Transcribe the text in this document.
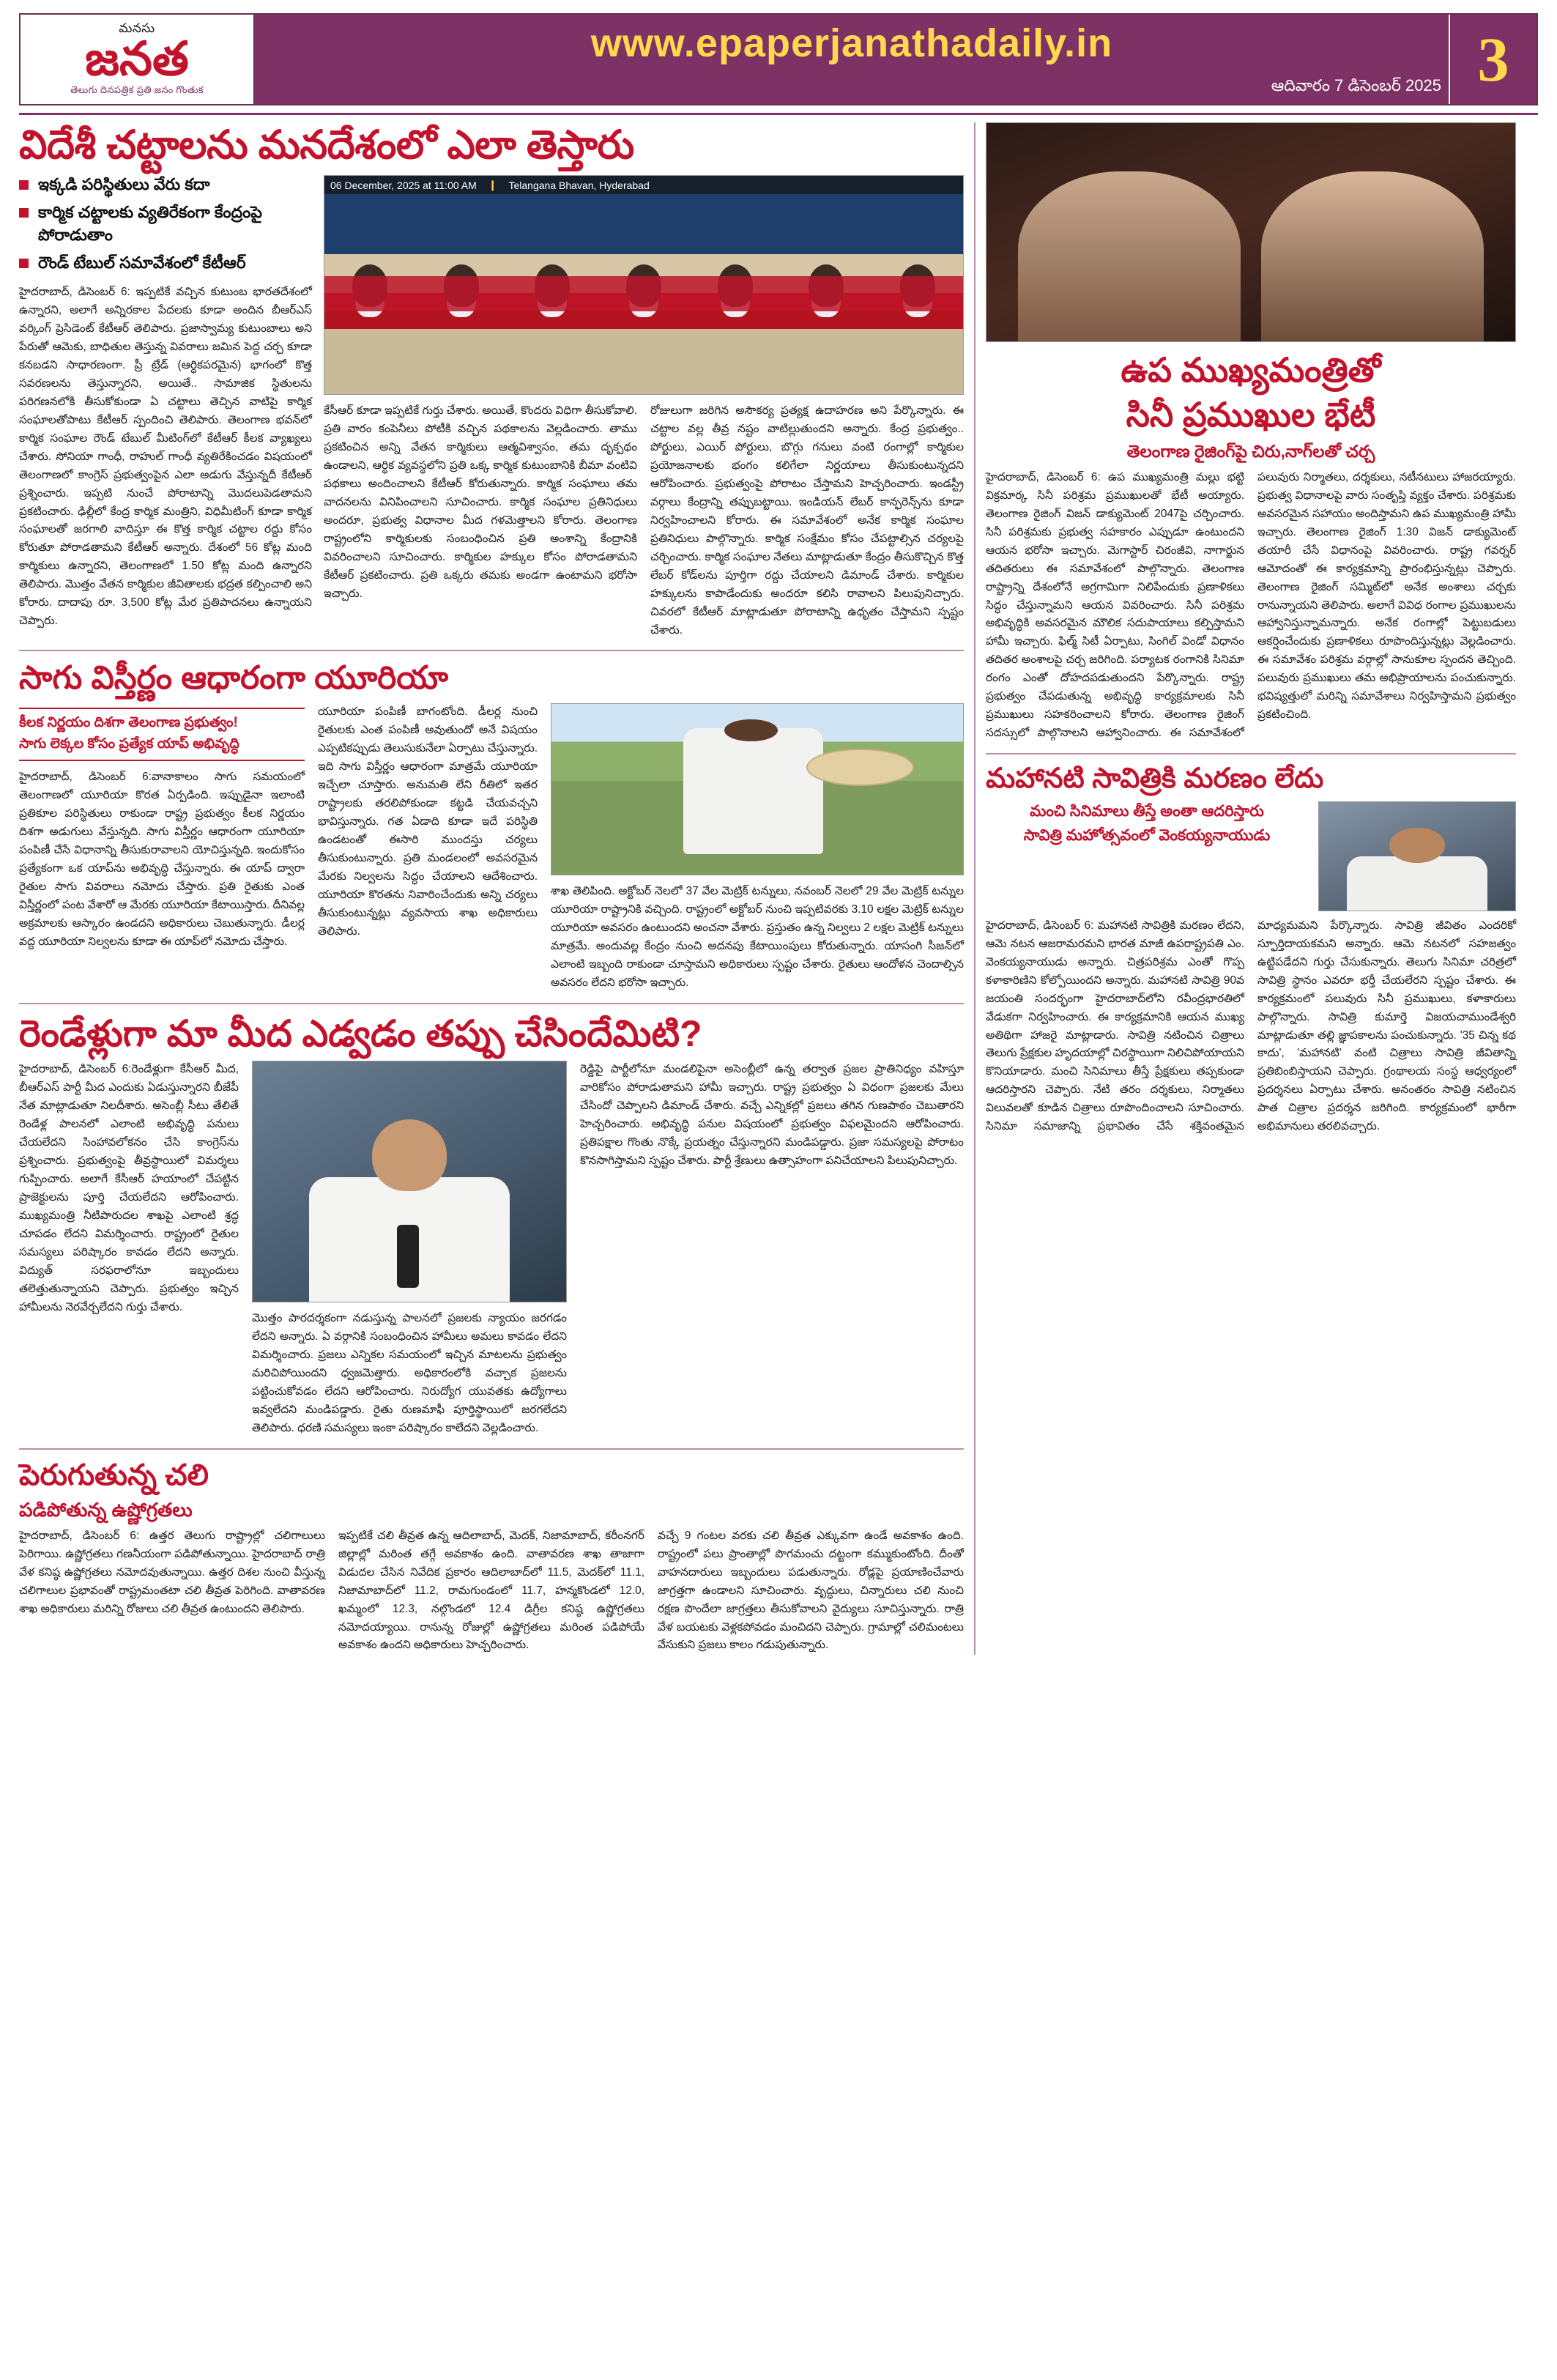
మనసు
జనత
తెలుగు దినపత్రిక ప్రతి జనం గొంతుక
www.epaperjanathadaily.in
ఆదివారం 7 డిసెంబర్ 2025 3
విదేశీ చట్టాలను మనదేశంలో ఎలా తెస్తారు
ఇక్కడి పరిస్థితులు వేరు కదా
కార్మిక చట్టాలకు వ్యతిరేకంగా కేంద్రంపై పోరాడుతాం
రౌండ్‌ టేబుల్‌ సమావేశంలో కేటీఆర్‌

హైదరాబాద్, డిసెంబర్ 6: ఇప్పటికే వచ్చిన కుటుంబ భారతదేశంలో ఉన్నారని, అలాగే అన్నిరకాల పేదలకు కూడా అందిన బీఆర్‌ఎస్‌ వర్కింగ్‌ ప్రెసిడెంట్‌ కేటీఆర్‌ తెలిపారు. ప్రజాస్వామ్య కుటుంబాలు అని పేరుతో ఆమెకు, బాధితుల తెస్తున్న వివరాలు జమిన పెద్ద చర్చ కూడా కనబడని సాధారణంగా. ప్రీ ట్రేడ్ (ఆర్ధికపరమైన) భాగంలో కొత్త సవరణలను తెస్తున్నారని, అయితే.. సామాజిక స్థితులను పరిగణనలోకి తీసుకోకుండా ఏ చట్టాలు తెచ్చిన వాటిపై కార్మిక సంఘాలతోపాటు కేటీఆర్‌ స్పందించి తెలిపారు. తెలంగాణ భవన్‌లో కార్మిక సంఘాల రౌండ్‌ టేబుల్‌ మీటింగ్‌లో కేటీఆర్‌ కీలక వ్యాఖ్యలు చేశారు. సోనియా గాంధీ, రాహుల్‌ గాంధీ వ్యతిరేకించడం విషయంలో తెలంగాణలో కాంగ్రెస్‌ ప్రభుత్వంపైన ఎలా అడుగు వేస్తున్నదీ కేటీఆర్‌ ప్రశ్నించారు. ఇప్పటి నుంచే పోరాటాన్ని మొదలుపెడతామని ప్రకటించారు. ఢిల్లీలో కేంద్ర కార్మిక మంత్రిని, విధిమీటింగ్‌ కూడా కార్మిక సంఘాలతో జరగాలి వాదిస్తూ ఈ కొత్త కార్మిక చట్టాల రద్దు కోసం కోరుతూ పోరాడతామని కేటీఆర్‌ అన్నారు. దేశంలో 56 కోట్ల మంది కార్మికులు ఉన్నారని, తెలంగాణలో 1.50 కోట్ల మంది ఉన్నారని తెలిపారు. మొత్తం వేతన కార్మికుల జీవితాలకు భద్రత కల్పించాలి అని కోరారు. దాదాపు రూ. 3,500 కోట్ల మేర ప్రతిపాదనలు ఉన్నాయని చెప్పారు.

06 December, 2025 at 11:00 AM ❙ Telangana Bhavan, Hyderabad

కేసీఆర్‌ కూడా ఇప్పటికే గుర్తు చేశారు. అయితే, కొందరు విధిగా తీసుకోవాలి. ప్రతి వారం కంపెనీలు పోటీకి వచ్చిన పథకాలను వెల్లడించారు. తాము ప్రకటించిన అన్ని వేతన కార్మికులు ఆత్మవిశ్వాసం, తమ దృక్పథం ఉండాలని, ఆర్థిక వ్యవస్థలోని ప్రతి ఒక్క కార్మిక కుటుంబానికి బీమా వంటివి పథకాలు అందించాలని కేటీఆర్‌ కోరుతున్నారు. కార్మిక సంఘాలు తమ వాదనలను వినిపించాలని సూచించారు. కార్మిక సంఘాల ప్రతినిధులు అందరూ, ప్రభుత్వ విధానాల మీద గళమెత్తాలని కోరారు. తెలంగాణ రాష్ట్రంలోని కార్మికులకు సంబంధించిన ప్రతి అంశాన్ని కేంద్రానికి వివరించాలని సూచించారు. కార్మికుల హక్కుల కోసం పోరాడతామని కేటీఆర్‌ ప్రకటించారు. ప్రతి ఒక్కరు తమకు అండగా ఉంటామని భరోసా ఇచ్చారు.

రోజులుగా జరిగిన అసౌకర్య ప్రత్యక్ష ఉదాహరణ అని పేర్కొన్నారు. ఈ చట్టాల వల్ల తీవ్ర నష్టం వాటిల్లుతుందని అన్నారు. కేంద్ర ప్రభుత్వం.. పోర్టులు, ఎయిర్‌ పోర్టులు, బొగ్గు గనులు వంటి రంగాల్లో కార్మికుల ప్రయోజనాలకు భంగం కలిగేలా నిర్ణయాలు తీసుకుంటున్నదని ఆరోపించారు. ప్రభుత్వంపై పోరాటం చేస్తామని హెచ్చరించారు. ఇండస్ట్రీ వర్గాలు కేంద్రాన్ని తప్పుబట్టాయి. ఇండియన్‌ లేబర్‌ కాన్ఫరెన్స్‌ను కూడా నిర్వహించాలని కోరారు. ఈ సమావేశంలో అనేక కార్మిక సంఘాల ప్రతినిధులు పాల్గొన్నారు. కార్మిక సంక్షేమం కోసం చేపట్టాల్సిన చర్యలపై చర్చించారు. కార్మిక సంఘాల నేతలు మాట్లాడుతూ కేంద్రం తీసుకొచ్చిన కొత్త లేబర్‌ కోడ్‌లను పూర్తిగా రద్దు చేయాలని డిమాండ్‌ చేశారు. కార్మికుల హక్కులను కాపాడేందుకు అందరూ కలిసి రావాలని పిలుపునిచ్చారు. చివరలో కేటీఆర్‌ మాట్లాడుతూ పోరాటాన్ని ఉధృతం చేస్తామని స్పష్టం చేశారు.

సాగు విస్తీర్ణం ఆధారంగా యూరియా

కీలక నిర్ణయం దిశగా తెలంగాణ ప్రభుత్వం!

సాగు లెక్కల కోసం ప్రత్యేక యాప్‌ అభివృద్ధి

హైదరాబాద్, డిసెంబర్ 6:వానాకాలం సాగు సమయంలో తెలంగాణలో యూరియా కొరత ఏర్పడింది. ఇప్పుడైనా ఇలాంటి ప్రతికూల పరిస్థితులు రాకుండా రాష్ట్ర ప్రభుత్వం కీలక నిర్ణయం దిశగా అడుగులు వేస్తున్నది. సాగు విస్తీర్ణం ఆధారంగా యూరియా పంపిణీ చేసే విధానాన్ని తీసుకురావాలని యోచిస్తున్నది. ఇందుకోసం ప్రత్యేకంగా ఒక యాప్‌ను అభివృద్ధి చేస్తున్నారు. ఈ యాప్‌ ద్వారా రైతుల సాగు వివరాలు నమోదు చేస్తారు. ప్రతి రైతుకు ఎంత విస్తీర్ణంలో పంట వేశారో ఆ మేరకు యూరియా కేటాయిస్తారు. దీనివల్ల అక్రమాలకు ఆస్కారం ఉండదని అధికారులు చెబుతున్నారు. డీలర్ల వద్ద యూరియా నిల్వలను కూడా ఈ యాప్‌లో నమోదు చేస్తారు.

యూరియా పంపిణీ బాగంటోంది. డీలర్ల నుంచి రైతులకు ఎంత పంపిణీ అవుతుందో అనే విషయం ఎప్పటికప్పుడు తెలుసుకునేలా ఏర్పాటు చేస్తున్నారు. ఇది సాగు విస్తీర్ణం ఆధారంగా మాత్రమే యూరియా ఇచ్చేలా చూస్తారు. అనుమతి లేని రీతిలో ఇతర రాష్ట్రాలకు తరలిపోకుండా కట్టడి చేయవచ్చని భావిస్తున్నారు. గత ఏడాది కూడా ఇదే పరిస్థితి ఉండటంతో ఈసారి ముందస్తు చర్యలు తీసుకుంటున్నారు. ప్రతి మండలంలో అవసరమైన మేరకు నిల్వలను సిద్ధం చేయాలని ఆదేశించారు. యూరియా కొరతను నివారించేందుకు అన్ని చర్యలు తీసుకుంటున్నట్లు వ్యవసాయ శాఖ అధికారులు తెలిపారు.

శాఖ తెలిపింది. అక్టోబర్‌ నెలలో 37 వేల మెట్రిక్‌ టన్నులు, నవంబర్‌ నెలలో 29 వేల మెట్రిక్‌ టన్నుల యూరియా రాష్ట్రానికి వచ్చింది. రాష్ట్రంలో అక్టోబర్‌ నుంచి ఇప్పటివరకు 3.10 లక్షల మెట్రిక్‌ టన్నుల యూరియా అవసరం ఉంటుందని అంచనా వేశారు. ప్రస్తుతం ఉన్న నిల్వలు 2 లక్షల మెట్రిక్‌ టన్నులు మాత్రమే. అందువల్ల కేంద్రం నుంచి అదనపు కేటాయింపులు కోరుతున్నారు. యాసంగి సీజన్‌లో ఎలాంటి ఇబ్బంది రాకుండా చూస్తామని అధికారులు స్పష్టం చేశారు. రైతులు ఆందోళన చెందాల్సిన అవసరం లేదని భరోసా ఇచ్చారు.

రెండేళ్లుగా మా మీద ఎడ్వడం తప్పు చేసిందేమిటి?

హైదరాబాద్, డిసెంబర్ 6:రెండేళ్లుగా కేసీఆర్‌ మీద, బీఆర్‌ఎస్‌ పార్టీ మీద ఎందుకు ఏడుస్తున్నారని బీజేపీ నేత మాట్లాడుతూ నిలదీశారు. అసెంబ్లీ సీటు తేలితే రెండేళ్ల పాలనలో ఎలాంటి అభివృద్ధి పనులు చేయలేదని సింహావలోకనం చేసి కాంగ్రెస్‌ను ప్రశ్నించారు. ప్రభుత్వంపై తీవ్రస్థాయిలో విమర్శలు గుప్పించారు. అలాగే కేసీఆర్‌ హయాంలో చేపట్టిన ప్రాజెక్టులను పూర్తి చేయలేదని ఆరోపించారు. ముఖ్యమంత్రి నీటిపారుదల శాఖపై ఎలాంటి శ్రద్ధ చూపడం లేదని విమర్శించారు. రాష్ట్రంలో రైతుల సమస్యలు పరిష్కారం కావడం లేదని అన్నారు. విద్యుత్‌ సరఫరాలోనూ ఇబ్బందులు తలెత్తుతున్నాయని చెప్పారు. ప్రభుత్వం ఇచ్చిన హామీలను నెరవేర్చలేదని గుర్తు చేశారు.

మొత్తం పారదర్శకంగా నడుస్తున్న పాలనలో ప్రజలకు న్యాయం జరగడం లేదని అన్నారు. ఏ వర్గానికి సంబంధించిన హామీలు అమలు కావడం లేదని విమర్శించారు. ప్రజలు ఎన్నికల సమయంలో ఇచ్చిన మాటలను ప్రభుత్వం మరిచిపోయిందని ధ్వజమెత్తారు. అధికారంలోకి వచ్చాక ప్రజలను పట్టించుకోవడం లేదని ఆరోపించారు. నిరుద్యోగ యువతకు ఉద్యోగాలు ఇవ్వలేదని మండిపడ్డారు. రైతు రుణమాఫీ పూర్తిస్థాయిలో జరగలేదని తెలిపారు. ధరణి సమస్యలు ఇంకా పరిష్కారం కాలేదని వెల్లడించారు.

రెడ్డిపై పార్టీలోనూ మండలిపైనా అసెంబ్లీలో ఉన్న తర్వాత ప్రజల ప్రాతినిధ్యం వహిస్తూ వారికోసం పోరాడుతామని హామీ ఇచ్చారు. రాష్ట్ర ప్రభుత్వం ఏ విధంగా ప్రజలకు మేలు చేసిందో చెప్పాలని డిమాండ్‌ చేశారు. వచ్చే ఎన్నికల్లో ప్రజలు తగిన గుణపాఠం చెబుతారని హెచ్చరించారు. అభివృద్ధి పనుల విషయంలో ప్రభుత్వం విఫలమైందని ఆరోపించారు. ప్రతిపక్షాల గొంతు నొక్కే ప్రయత్నం చేస్తున్నారని మండిపడ్డారు. ప్రజా సమస్యలపై పోరాటం కొనసాగిస్తామని స్పష్టం చేశారు. పార్టీ శ్రేణులు ఉత్సాహంగా పనిచేయాలని పిలుపునిచ్చారు.

పెరుగుతున్న చలి
పడిపోతున్న ఉష్ణోగ్రతలు

హైదరాబాద్, డిసెంబర్ 6: ఉత్తర తెలుగు రాష్ట్రాల్లో చలిగాలులు పెరిగాయి. ఉష్ణోగ్రతలు గణనీయంగా పడిపోతున్నాయి. హైదరాబాద్‌ రాత్రి వేళ కనిష్ఠ ఉష్ణోగ్రతలు నమోదవుతున్నాయి. ఉత్తర దిశల నుంచి వీస్తున్న చలిగాలుల ప్రభావంతో రాష్ట్రమంతటా చలి తీవ్రత పెరిగింది. వాతావరణ శాఖ అధికారులు మరిన్ని రోజులు చలి తీవ్రత ఉంటుందని తెలిపారు.

ఇప్పటికే చలి తీవ్రత ఉన్న ఆదిలాబాద్, మెదక్, నిజామాబాద్, కరీంనగర్‌ జిల్లాల్లో మరింత తగ్గే అవకాశం ఉంది. వాతావరణ శాఖ తాజాగా విడుదల చేసిన నివేదిక ప్రకారం ఆదిలాబాద్‌లో 11.5, మెదక్‌లో 11.1, నిజామాబాద్‌లో 11.2, రామగుండంలో 11.7, హన్మకొండలో 12.0, ఖమ్మంలో 12.3, నల్గొండలో 12.4 డిగ్రీల కనిష్ఠ ఉష్ణోగ్రతలు నమోదయ్యాయి. రానున్న రోజుల్లో ఉష్ణోగ్రతలు మరింత పడిపోయే అవకాశం ఉందని అధికారులు హెచ్చరించారు.

వచ్చే 9 గంటల వరకు చలి తీవ్రత ఎక్కువగా ఉండే అవకాశం ఉంది. రాష్ట్రంలో పలు ప్రాంతాల్లో పొగమంచు దట్టంగా కమ్ముకుంటోంది. దీంతో వాహనదారులు ఇబ్బందులు పడుతున్నారు. రోడ్లపై ప్రయాణించేవారు జాగ్రత్తగా ఉండాలని సూచించారు. వృద్ధులు, చిన్నారులు చలి నుంచి రక్షణ పొందేలా జాగ్రత్తలు తీసుకోవాలని వైద్యులు సూచిస్తున్నారు. రాత్రి వేళ బయటకు వెళ్లకపోవడం మంచిదని చెప్పారు. గ్రామాల్లో చలిమంటలు వేసుకుని ప్రజలు కాలం గడుపుతున్నారు.

ఉప ముఖ్యమంత్రితో
సినీ ప్రముఖుల భేటీ
తెలంగాణ రైజింగ్‌పై చిరు,నాగ్‌లతో చర్చ

హైదరాబాద్, డిసెంబర్ 6: ఉప ముఖ్యమంత్రి మల్లు భట్టి విక్రమార్క సినీ పరిశ్రమ ప్రముఖులతో భేటీ అయ్యారు. తెలంగాణ రైజింగ్‌ విజన్‌ డాక్యుమెంట్‌ 2047పై చర్చించారు. సినీ పరిశ్రమకు ప్రభుత్వ సహకారం ఎప్పుడూ ఉంటుందని ఆయన భరోసా ఇచ్చారు. మెగాస్టార్‌ చిరంజీవి, నాగార్జున తదితరులు ఈ సమావేశంలో పాల్గొన్నారు. తెలంగాణ రాష్ట్రాన్ని దేశంలోనే అగ్రగామిగా నిలిపేందుకు ప్రణాళికలు సిద్ధం చేస్తున్నామని ఆయన వివరించారు. సినీ పరిశ్రమ అభివృద్ధికి అవసరమైన మౌలిక సదుపాయాలు కల్పిస్తామని హామీ ఇచ్చారు. ఫిల్మ్‌ సిటీ ఏర్పాటు, సింగిల్‌ విండో విధానం తదితర అంశాలపై చర్చ జరిగింది. పర్యాటక రంగానికి సినిమా రంగం ఎంతో దోహదపడుతుందని పేర్కొన్నారు. రాష్ట్ర ప్రభుత్వం చేపడుతున్న అభివృద్ధి కార్యక్రమాలకు సినీ ప్రముఖులు సహకరించాలని కోరారు. తెలంగాణ రైజింగ్‌ సదస్సులో పాల్గొనాలని ఆహ్వానించారు. ఈ సమావేశంలో పలువురు నిర్మాతలు, దర్శకులు, నటీనటులు హాజరయ్యారు. ప్రభుత్వ విధానాలపై వారు సంతృప్తి వ్యక్తం చేశారు. పరిశ్రమకు అవసరమైన సహాయం అందిస్తామని ఉప ముఖ్యమంత్రి హామీ ఇచ్చారు. తెలంగాణ రైజింగ్‌ 1:30 విజన్‌ డాక్యుమెంట్‌ తయారీ చేసే విధానంపై వివరించారు. రాష్ట్ర గవర్నర్‌ ఆమోదంతో ఈ కార్యక్రమాన్ని ప్రారంభిస్తున్నట్లు చెప్పారు. తెలంగాణ రైజింగ్‌ సమ్మిట్‌లో అనేక అంశాలు చర్చకు రానున్నాయని తెలిపారు. అలాగే వివిధ రంగాల ప్రముఖులను ఆహ్వానిస్తున్నామన్నారు. అనేక రంగాల్లో పెట్టుబడులు ఆకర్షించేందుకు ప్రణాళికలు రూపొందిస్తున్నట్లు వెల్లడించారు. ఈ సమావేశం పరిశ్రమ వర్గాల్లో సానుకూల స్పందన తెచ్చింది. పలువురు ప్రముఖులు తమ అభిప్రాయాలను పంచుకున్నారు. భవిష్యత్తులో మరిన్ని సమావేశాలు నిర్వహిస్తామని ప్రభుత్వం ప్రకటించింది.

మహానటి సావిత్రికి మరణం లేదు
మంచి సినిమాలు తీస్తే అంతా ఆదరిస్తారు
సావిత్రి మహోత్సవంలో వెంకయ్యనాయుడు

హైదరాబాద్, డిసెంబర్ 6: మహానటి సావిత్రికి మరణం లేదని, ఆమె నటన ఆజరామరమని భారత మాజీ ఉపరాష్ట్రపతి ఎం. వెంకయ్యనాయుడు అన్నారు. చిత్రపరిశ్రమ ఎంతో గొప్ప కళాకారిణిని కోల్పోయిందని అన్నారు. మహానటి సావిత్రి 90వ జయంతి సందర్భంగా హైదరాబాద్‌లోని రవీంద్రభారతిలో వేడుకగా నిర్వహించారు. ఈ కార్యక్రమానికి ఆయన ముఖ్య అతిథిగా హాజరై మాట్లాడారు. సావిత్రి నటించిన చిత్రాలు తెలుగు ప్రేక్షకుల హృదయాల్లో చిరస్థాయిగా నిలిచిపోయాయని కొనియాడారు. మంచి సినిమాలు తీస్తే ప్రేక్షకులు తప్పకుండా ఆదరిస్తారని చెప్పారు. నేటి తరం దర్శకులు, నిర్మాతలు విలువలతో కూడిన చిత్రాలు రూపొందించాలని సూచించారు. సినిమా సమాజాన్ని ప్రభావితం చేసే శక్తివంతమైన మాధ్యమమని పేర్కొన్నారు. సావిత్రి జీవితం ఎందరికో స్ఫూర్తిదాయకమని అన్నారు. ఆమె నటనలో సహజత్వం ఉట్టిపడేదని గుర్తు చేసుకున్నారు. తెలుగు సినిమా చరిత్రలో సావిత్రి స్థానం ఎవరూ భర్తీ చేయలేరని స్పష్టం చేశారు. ఈ కార్యక్రమంలో పలువురు సినీ ప్రముఖులు, కళాకారులు పాల్గొన్నారు. సావిత్రి కుమార్తె విజయచాముండేశ్వరి మాట్లాడుతూ తల్లి జ్ఞాపకాలను పంచుకున్నారు. '35 చిన్న కథ కాదు', 'మహానటి' వంటి చిత్రాలు సావిత్రి జీవితాన్ని ప్రతిబింబిస్తాయని చెప్పారు. గ్రంథాలయ సంస్థ ఆధ్వర్యంలో ప్రదర్శనలు ఏర్పాటు చేశారు. అనంతరం సావిత్రి నటించిన పాత చిత్రాల ప్రదర్శన జరిగింది. కార్యక్రమంలో భారీగా అభిమానులు తరలివచ్చారు.
